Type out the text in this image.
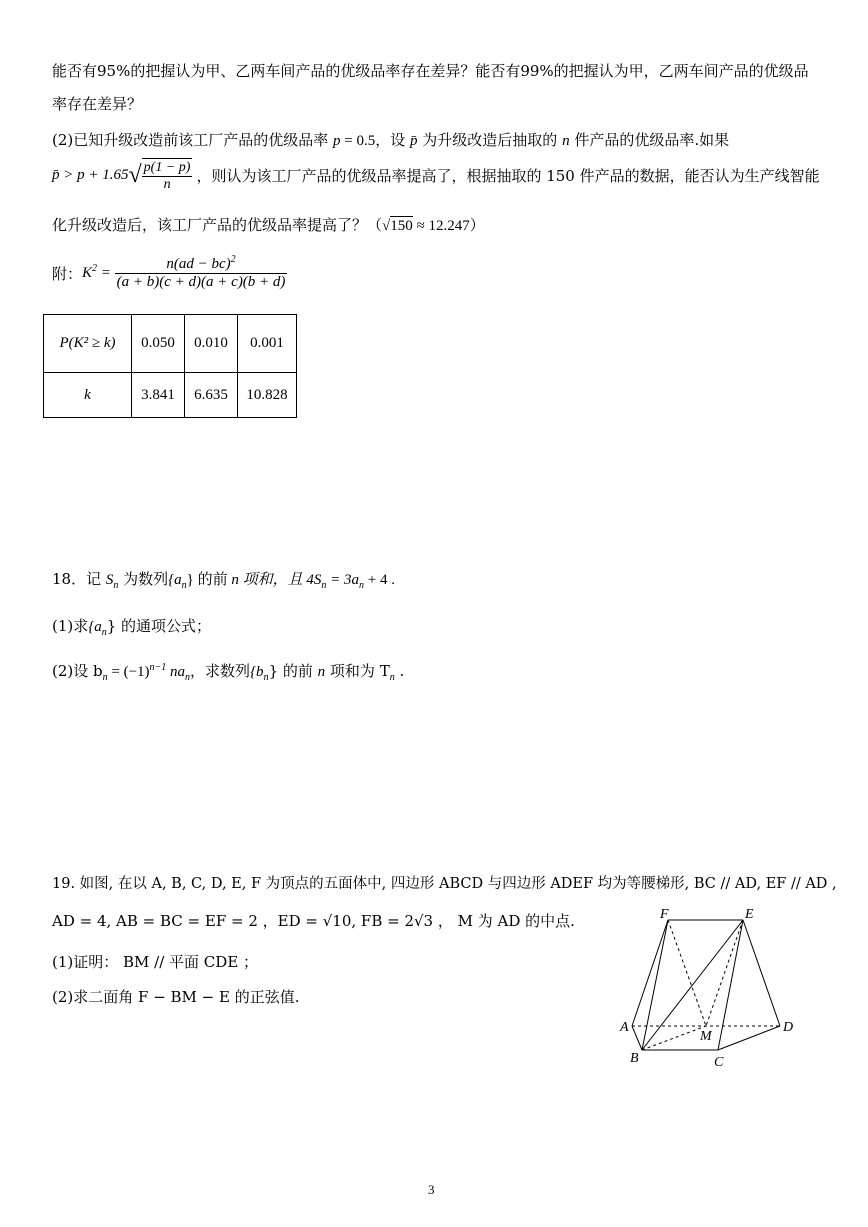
能否有95%的把握认为甲、乙两车间产品的优级品率存在差异？能否有99%的把握认为甲，乙两车间产品的优级品
率存在差异？
(2)已知升级改造前该工厂产品的优级品率 p = 0.5，设 p̄ 为升级改造后抽取的 n 件产品的优级品率.如果
p̄ > $p + 1.65√ \frac{p(1 - p)}{n}$ ，则认为该工厂产品的优级品率提高了，根据抽取的 150 件产品的数据，能否认为生产线智能
化升级改造后，该工厂产品的优级品率提高了？（√150 ≈ 12.247）
附：$K^2 = \frac{n(ad - bc)^2}{(a + b)(c + d)(a + c)(b + d)}$
P(K² ≥ k)	0.050	0.010	0.001
k	3.841	6.635	10.828
18．记 $S_n$ 为数列$\{a_n\}$ 的前 n 项和，且 $4S_n = 3a_n + 4$ .
(1)求$\{a_n\}$ 的通项公式；
(2)设 $b_n = (-1)^{n-1}$ $na_n$，求数列$\{b_n\}$ 的前 n 项和为 $T_n$ .
19. 如图, 在以 A, B, C, D, E, F 为顶点的五面体中, 四边形 ABCD 与四边形 ADEF 均为等腰梯形, BC // AD, EF // AD ,
AD = 4, AB = BC = EF = 2 ，ED = √10, FB = 2√3 ， M 为 AD 的中点.
(1)证明： BM // 平面 CDE ；
(2)求二面角 F − BM − E 的正弦值.
F	E
A
M
D
B	C
3
